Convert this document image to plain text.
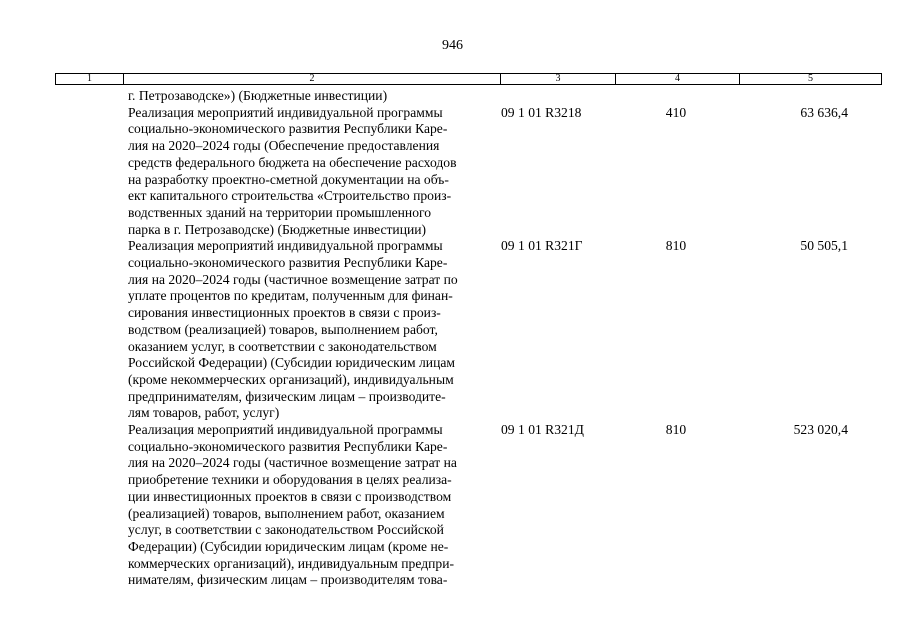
946
1	2	3	4	5
г. Петрозаводске») (Бюджетные инвестиции)
Реализация мероприятий индивидуальной программы
социально-экономического развития Республики Каре-
лия на 2020–2024 годы (Обеспечение предоставления
средств федерального бюджета на обеспечение расходов
на разработку проектно-сметной документации на объ-
ект капитального строительства «Строительство произ-
водственных зданий на территории промышленного
парка в г. Петрозаводске) (Бюджетные инвестиции)
09 1 01 R3218	410	63 636,4
Реализация мероприятий индивидуальной программы
социально-экономического развития Республики Каре-
лия на 2020–2024 годы (частичное возмещение затрат по
уплате процентов по кредитам, полученным для финан-
сирования инвестиционных проектов в связи с произ-
водством (реализацией) товаров, выполнением работ,
оказанием услуг, в соответствии с законодательством
Российской Федерации) (Субсидии юридическим лицам
(кроме некоммерческих организаций), индивидуальным
предпринимателям, физическим лицам – производите-
лям товаров, работ, услуг)
09 1 01 R321Г	810	50 505,1
Реализация мероприятий индивидуальной программы
социально-экономического развития Республики Каре-
лия на 2020–2024 годы (частичное возмещение затрат на
приобретение техники и оборудования в целях реализа-
ции инвестиционных проектов в связи с производством
(реализацией) товаров, выполнением работ, оказанием
услуг, в соответствии с законодательством Российской
Федерации) (Субсидии юридическим лицам (кроме не-
коммерческих организаций), индивидуальным предпри-
нимателям, физическим лицам – производителям това-
09 1 01 R321Д	810	523 020,4
